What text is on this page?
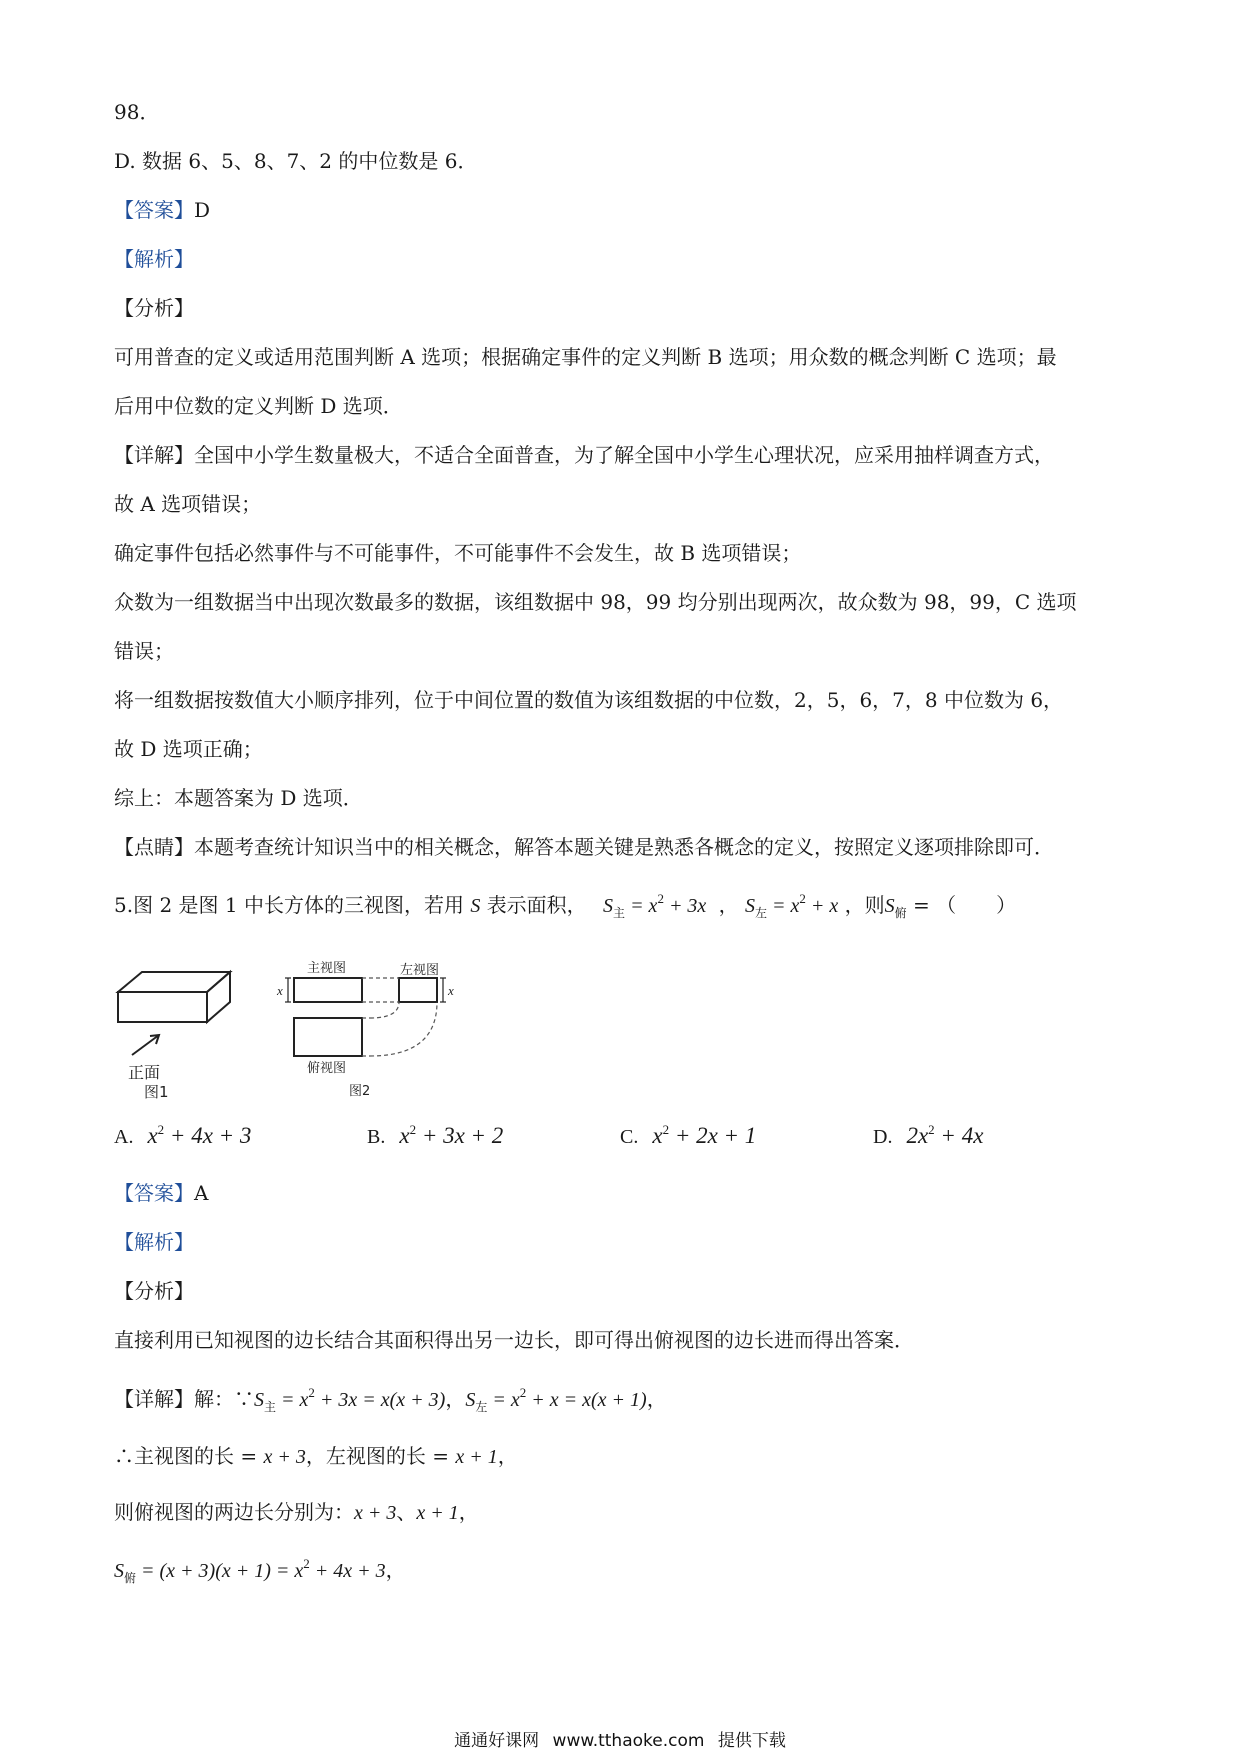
98．
D. 数据 6、5、8、7、2 的中位数是 6．
【答案】D
【解析】
【分析】
可用普查的定义或适用范围判断 A 选项；根据确定事件的定义判断 B 选项；用众数的概念判断 C 选项；最
后用中位数的定义判断 D 选项．
【详解】全国中小学生数量极大，不适合全面普查，为了解全国中小学生心理状况，应采用抽样调查方式，
故 A 选项错误；
确定事件包括必然事件与不可能事件，不可能事件不会发生，故 B 选项错误；
众数为一组数据当中出现次数最多的数据，该组数据中 98，99 均分别出现两次，故众数为 98，99，C 选项
错误；
将一组数据按数值大小顺序排列，位于中间位置的数值为该组数据的中位数，2，5，6，7，8 中位数为 6，
故 D 选项正确；
综上：本题答案为 D 选项．
【点睛】本题考查统计知识当中的相关概念，解答本题关键是熟悉各概念的定义，按照定义逐项排除即可．
5.图 2 是图 1 中长方体的三视图，若用 S 表示面积， $S_主 = x^2 + 3x$ ， $S_左 = x^2 + x$ ，则$S_俯$ = （　　）
正面
图1
x	x
主视图	左视图
俯视图
图2
A. $x^2 + 4x + 3$	B. $x^2 + 3x + 2$	C. $x^2 + 2x + 1$	D. $2x^2 + 4x$
【答案】A
【解析】
【分析】
直接利用已知视图的边长结合其面积得出另一边长，即可得出俯视图的边长进而得出答案．
【详解】解：$\because S_主 = x^2 + 3x = x(x + 3)$，$S_左 = x^2 + x = x(x + 1)$，
∴主视图的长 = x + 3，左视图的长 = x + 1，
则俯视图的两边长分别为：x + 3、x + 1，
$S_俯 = (x + 3)(x + 1) = x^2 + 4x + 3$，
通通好课网 www.tthaoke.com 提供下载
